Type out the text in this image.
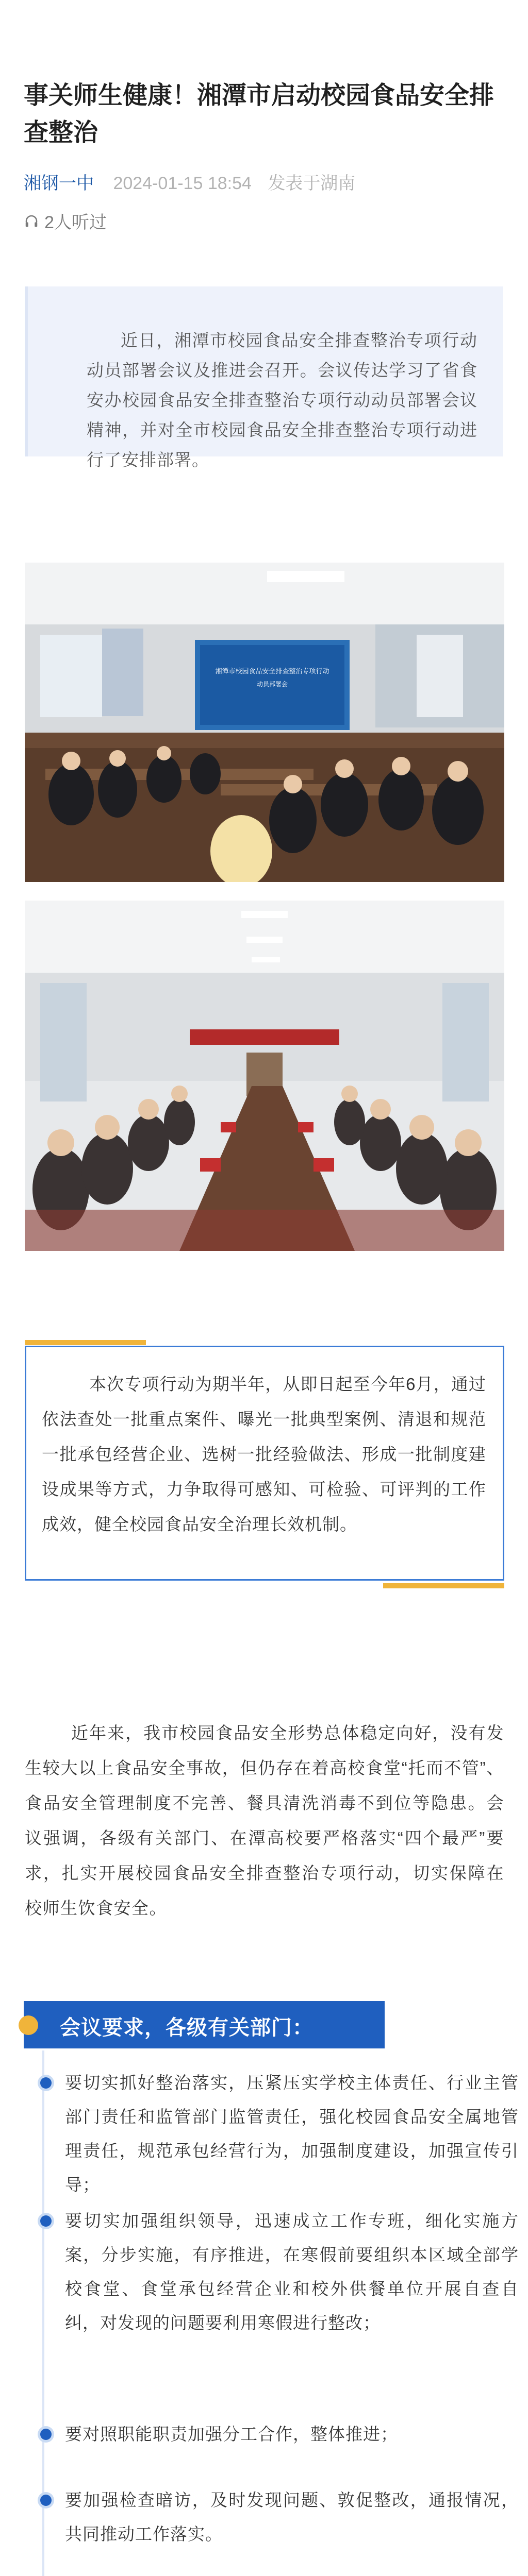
事关师生健康！湘潭市启动校园食品安全排查整治
湘钢一中 2024-01-15 18:54 发表于湖南
2人听过

近日，湘潭市校园食品安全排查整治专项行动动员部署会议及推进会召开。会议传达学习了省食安办校园食品安全排查整治专项行动动员部署会议精神，并对全市校园食品安全排查整治专项行动进行了安排部署。

湘潭市校园食品安全排查整治专项行动
动员部署会

本次专项行动为期半年，从即日起至今年6月，通过依法查处一批重点案件、曝光一批典型案例、清退和规范一批承包经营企业、选树一批经验做法、形成一批制度建设成果等方式，力争取得可感知、可检验、可评判的工作成效，健全校园食品安全治理长效机制。

近年来，我市校园食品安全形势总体稳定向好，没有发生较大以上食品安全事故，但仍存在着高校食堂“托而不管”、食品安全管理制度不完善、餐具清洗消毒不到位等隐患。会议强调，各级有关部门、在潭高校要严格落实“四个最严”要求，扎实开展校园食品安全排查整治专项行动，切实保障在校师生饮食安全。

会议要求，各级有关部门：

要切实抓好整治落实，压紧压实学校主体责任、行业主管部门责任和监管部门监管责任，强化校园食品安全属地管理责任，规范承包经营行为，加强制度建设，加强宣传引导；

要切实加强组织领导，迅速成立工作专班，细化实施方案，分步实施，有序推进，在寒假前要组织本区域全部学校食堂、食堂承包经营企业和校外供餐单位开展自查自纠，对发现的问题要利用寒假进行整改；

要对照职能职责加强分工合作，整体推进；

要加强检查暗访，及时发现问题、敦促整改，通报情况，共同推动工作落实。
